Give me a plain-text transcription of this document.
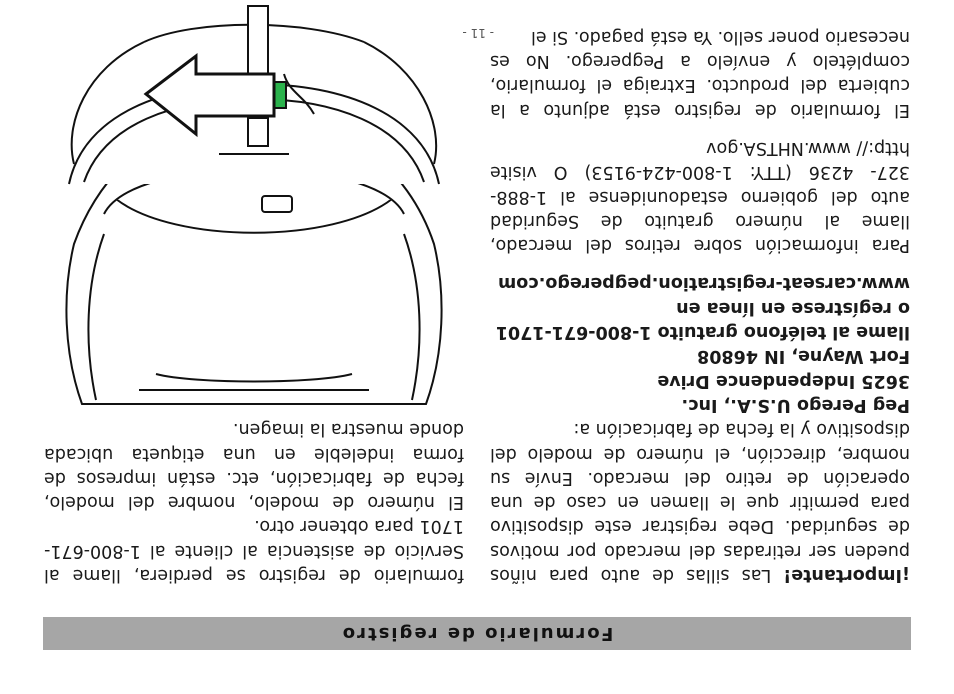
Formulario de registro

¡Importante! Las sillas de auto para niños

pueden ser retiradas del mercado por motivos

de seguridad. Debe registrar este dispositivo

para permitir que le llamen en caso de una

operación de retiro del mercado. Envíe su

nombre, dirección, el número de modelo del

dispositivo y la fecha de fabricación a:

Peg Perego U.S.A., Inc.

3625 Independence Drive

Fort Wayne, IN 46808

llame al teléfono gratuito 1-800-671-1701

o regístrese en línea en

www.carseat-registration.pegperego.com

Para información sobre retiros del mercado,

llame al número gratuito de Seguridad

auto del gobierno estadounidense al 1-888-

327- 4236 (TTY: 1-800-424-9153) O visite

http:// www.NHTSA.gov

El formulario de registro está adjunto a la

cubierta del producto. Extraiga el formulario,

complételo y envíelo a Pegperego. No es

necesario poner sello. Ya está pagado. Si el

formulario de registro se perdiera, llame al

Servicio de asistencia al cliente al 1-800-671-

1701 para obtener otro.

El número de modelo, nombre del modelo,

fecha de fabricación, etc. están impresos de

forma indeleble en una etiqueta ubicada

donde muestra la imagen.

- 11 -
